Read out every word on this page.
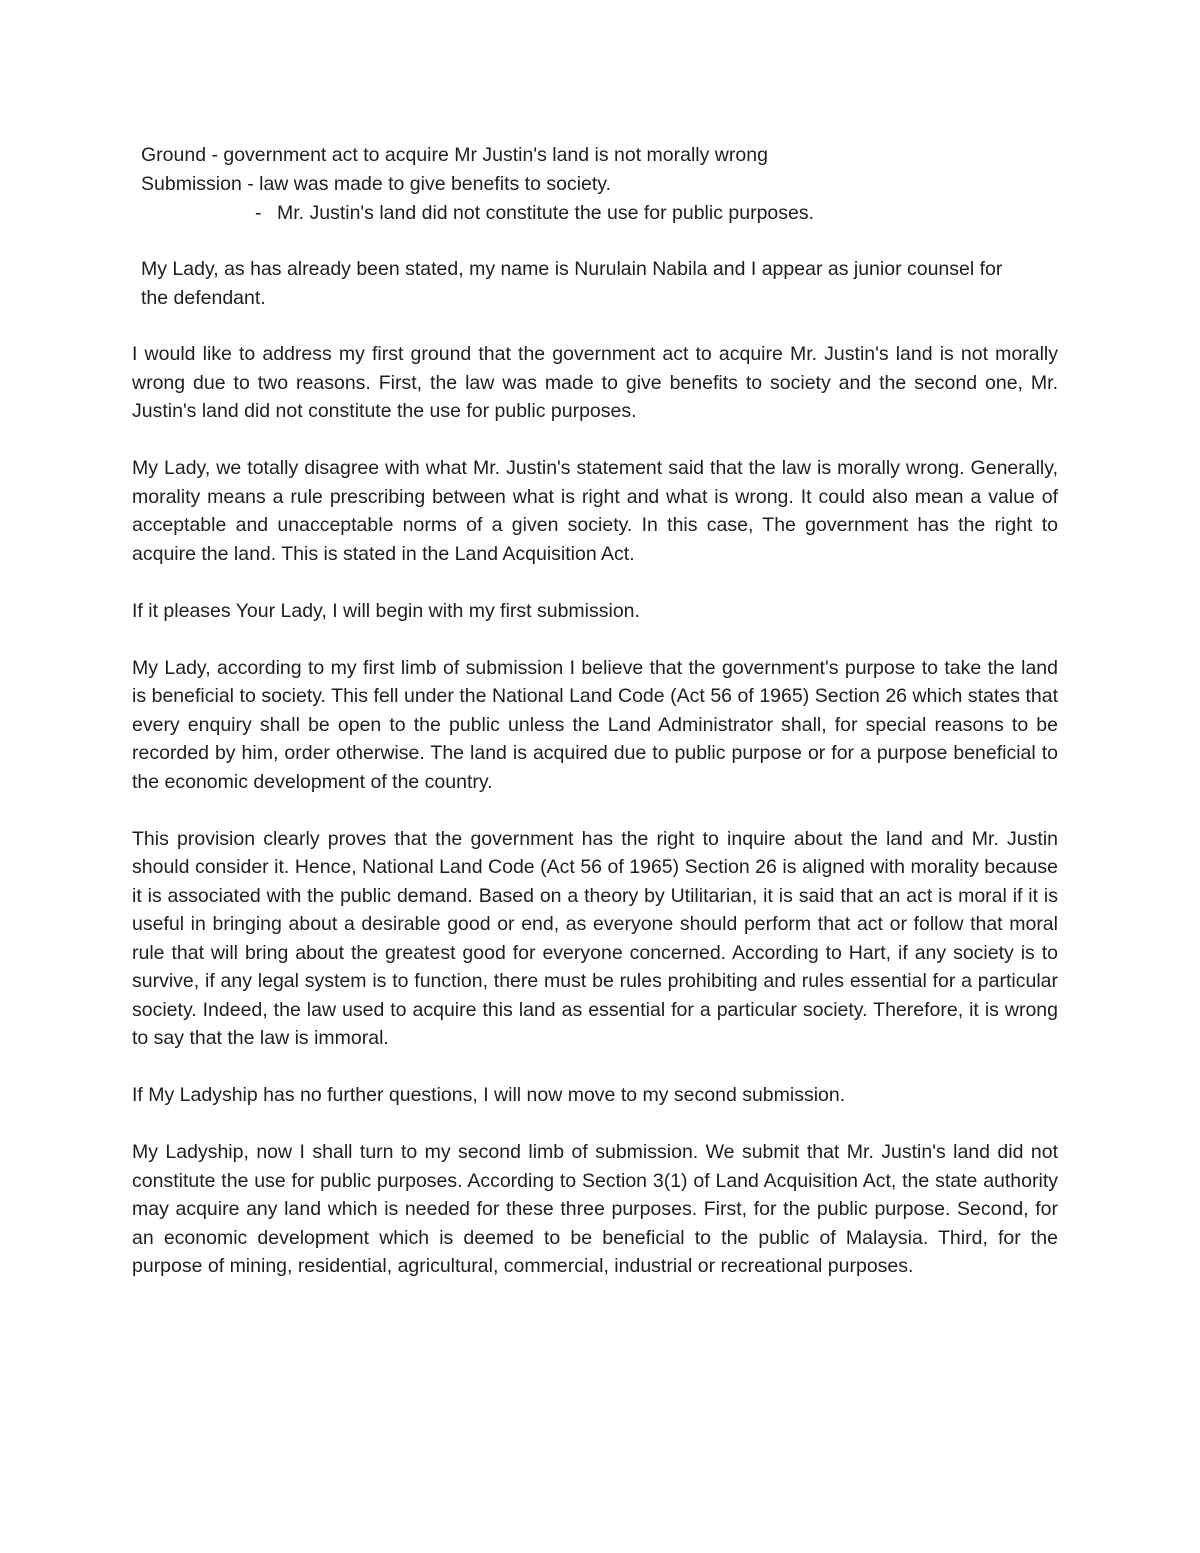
Ground - government act to acquire Mr Justin's land is not morally wrong

Submission - law was made to give benefits to society.

- Mr. Justin's land did not constitute the use for public purposes.

My Lady, as has already been stated, my name is Nurulain Nabila and I appear as junior counsel for the defendant.

I would like to address my first ground that the government act to acquire Mr. Justin's land is not morally wrong due to two reasons. First, the law was made to give benefits to society and the second one, Mr. Justin's land did not constitute the use for public purposes.

My Lady, we totally disagree with what Mr. Justin's statement said that the law is morally wrong. Generally, morality means a rule prescribing between what is right and what is wrong. It could also mean a value of acceptable and unacceptable norms of a given society. In this case, The government has the right to acquire the land. This is stated in the Land Acquisition Act.

If it pleases Your Lady, I will begin with my first submission.

My Lady, according to my first limb of submission I believe that the government's purpose to take the land is beneficial to society. This fell under the National Land Code (Act 56 of 1965) Section 26 which states that every enquiry shall be open to the public unless the Land Administrator shall, for special reasons to be recorded by him, order otherwise. The land is acquired due to public purpose or for a purpose beneficial to the economic development of the country.

This provision clearly proves that the government has the right to inquire about the land and Mr. Justin should consider it. Hence, National Land Code (Act 56 of 1965) Section 26 is aligned with morality because it is associated with the public demand. Based on a theory by Utilitarian, it is said that an act is moral if it is useful in bringing about a desirable good or end, as everyone should perform that act or follow that moral rule that will bring about the greatest good for everyone concerned. According to Hart, if any society is to survive, if any legal system is to function, there must be rules prohibiting and rules essential for a particular society. Indeed, the law used to acquire this land as essential for a particular society. Therefore, it is wrong to say that the law is immoral.

If My Ladyship has no further questions, I will now move to my second submission.

My Ladyship, now I shall turn to my second limb of submission. We submit that Mr. Justin's land did not constitute the use for public purposes. According to Section 3(1) of Land Acquisition Act, the state authority may acquire any land which is needed for these three purposes. First, for the public purpose. Second, for an economic development which is deemed to be beneficial to the public of Malaysia. Third, for the purpose of mining, residential, agricultural, commercial, industrial or recreational purposes.
